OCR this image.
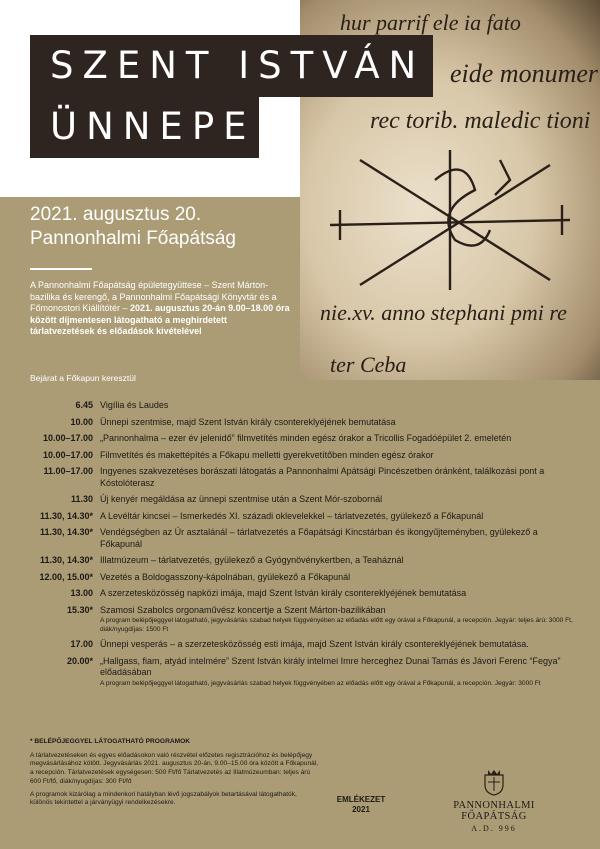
hur parrif ele ia fato
eide monumer
rec torib. maledic tioni
nie.xv. anno stephani pmi re
ter Ceba
SZENT ISTVÁN
ÜNNEPE
2021. augusztus 20.
Pannonhalmi Főapátság
A Pannonhalmi Főapátság épületegyüttese – Szent Márton-bazilika és kerengő, a Pannonhalmi Főapátsági Könyvtár és a Főmonostori Kiállítótér – 2021. augusztus 20-án 9.00–18.00 óra között díjmentesen látogatható a meghirdetett tárlatvezetések és előadások kivételével
Bejárat a Főkapun keresztül
6.45 Vigília és Laudes
10.00 Ünnepi szentmise, majd Szent István király csontereklyéjének bemutatása
10.00–17.00 „Pannonhalma – ezer év jelenidő” filmvetítés minden egész órakor a Tricollis Fogadóépület 2. emeletén
10.00–17.00 Filmvetítés és makettépítés a Főkapu melletti gyerekvetítőben minden egész órakor
11.00–17.00 Ingyenes szakvezetéses borászati látogatás a Pannonhalmi Apátsági Pincészetben óránként, találkozási pont a Kóstolóterasz
11.30 Új kenyér megáldása az ünnepi szentmise után a Szent Mór-szobornál
11.30, 14.30* A Levéltár kincsei – Ismerkedés XI. századi oklevelekkel – tárlatvezetés, gyülekező a Főkapunál
11.30, 14.30* Vendégségben az Úr asztalánál – tárlatvezetés a Főapátsági Kincstárban és ikongyűjteményben, gyülekező a Főkapunál
11.30, 14.30* Illatmúzeum – tárlatvezetés, gyülekező a Gyógynövénykertben, a Teaháznál
12.00, 15.00* Vezetés a Boldogasszony-kápolnában, gyülekező a Főkapunál
13.00 A szerzetesközösség napközi imája, majd Szent István király csontereklyéjének bemutatása
15.30* Szamosi Szabolcs orgonaművész koncertje a Szent Márton-bazilikában
A program belépőjeggyel látogatható, jegyvásárlás szabad helyek függvényében az előadás előtt egy órával a Főkapunál, a recepción. Jegyár: teljes árú: 3000 Ft, diák/nyugdíjas: 1500 Ft
17.00 Ünnepi vesperás – a szerzetesközösség esti imája, majd Szent István király csontereklyéjének bemutatása.
20.00* „Hallgass, fiam, atyád intelmére” Szent István király intelmei Imre herceghez Dunai Tamás és Jávori Ferenc “Fegya” előadásában
A program belépőjeggyel látogatható, jegyvásárlás szabad helyek függvényében az előadás előtt egy órával a Főkapunál, a recepción. Jegyár: 3000 Ft
* BELÉPŐJEGGYEL LÁTOGATHATÓ PROGRAMOK
A tárlatvezetéseken és egyes előadásokon való részvétel előzetes regisztrációhoz és belépőjegy megvásárlásához kötött. Jegyvásárlás 2021. augusztus 20-án, 9.00–15.00 óra között a Főkapunál, a recepción. Tárlatvezetések egységesen: 500 Ft/fő Tárlatvezetés az Illatmúzeumban: teljes árú 600 Ft/fő, diák/nyugdíjas: 300 Ft/fő
A programok kizárólag a mindenkori hatályban lévő jogszabályok betartásával látogathatók, különös tekintettel a járványügyi rendelkezésekre.	EMLÉKEZET
2021	PANNONHALMI FŐAPÁTSÁG
A.D. 996
